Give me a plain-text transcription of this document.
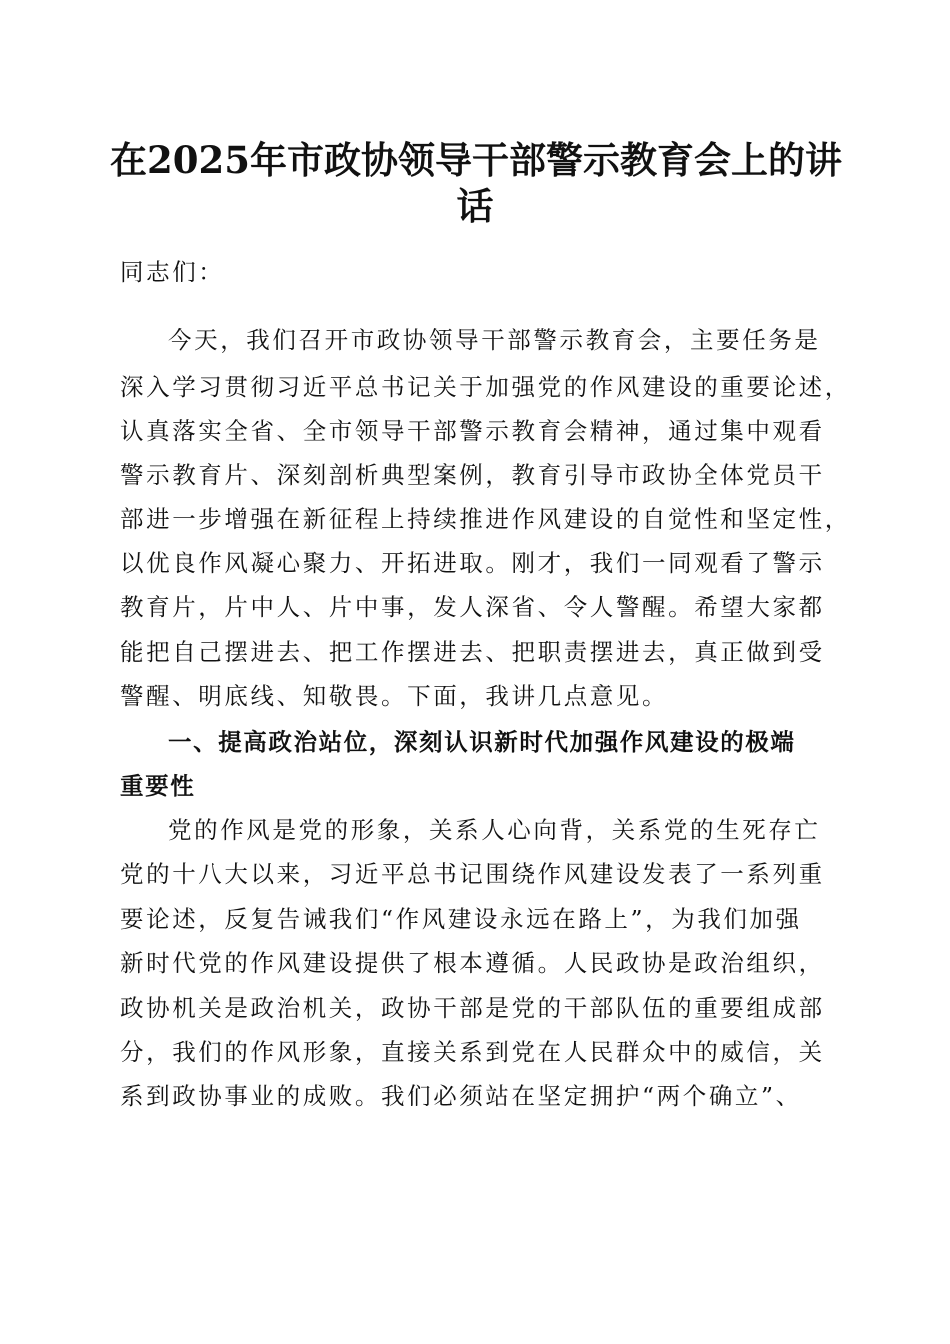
在2025年市政协领导干部警示教育会上的讲
话
同志们：
今天，我们召开市政协领导干部警示教育会，主要任务是
深入学习贯彻习近平总书记关于加强党的作风建设的重要论述，
认真落实全省、全市领导干部警示教育会精神，通过集中观看
警示教育片、深刻剖析典型案例，教育引导市政协全体党员干
部进一步增强在新征程上持续推进作风建设的自觉性和坚定性，
以优良作风凝心聚力、开拓进取。刚才，我们一同观看了警示
教育片，片中人、片中事，发人深省、令人警醒。希望大家都
能把自己摆进去、把工作摆进去、把职责摆进去，真正做到受
警醒、明底线、知敬畏。下面，我讲几点意见。
一、提高政治站位，深刻认识新时代加强作风建设的极端
重要性
党的作风是党的形象，关系人心向背，关系党的生死存亡
党的十八大以来，习近平总书记围绕作风建设发表了一系列重
要论述，反复告诫我们“作风建设永远在路上”，为我们加强
新时代党的作风建设提供了根本遵循。人民政协是政治组织，
政协机关是政治机关，政协干部是党的干部队伍的重要组成部
分，我们的作风形象，直接关系到党在人民群众中的威信，关
系到政协事业的成败。我们必须站在坚定拥护“两个确立”、
